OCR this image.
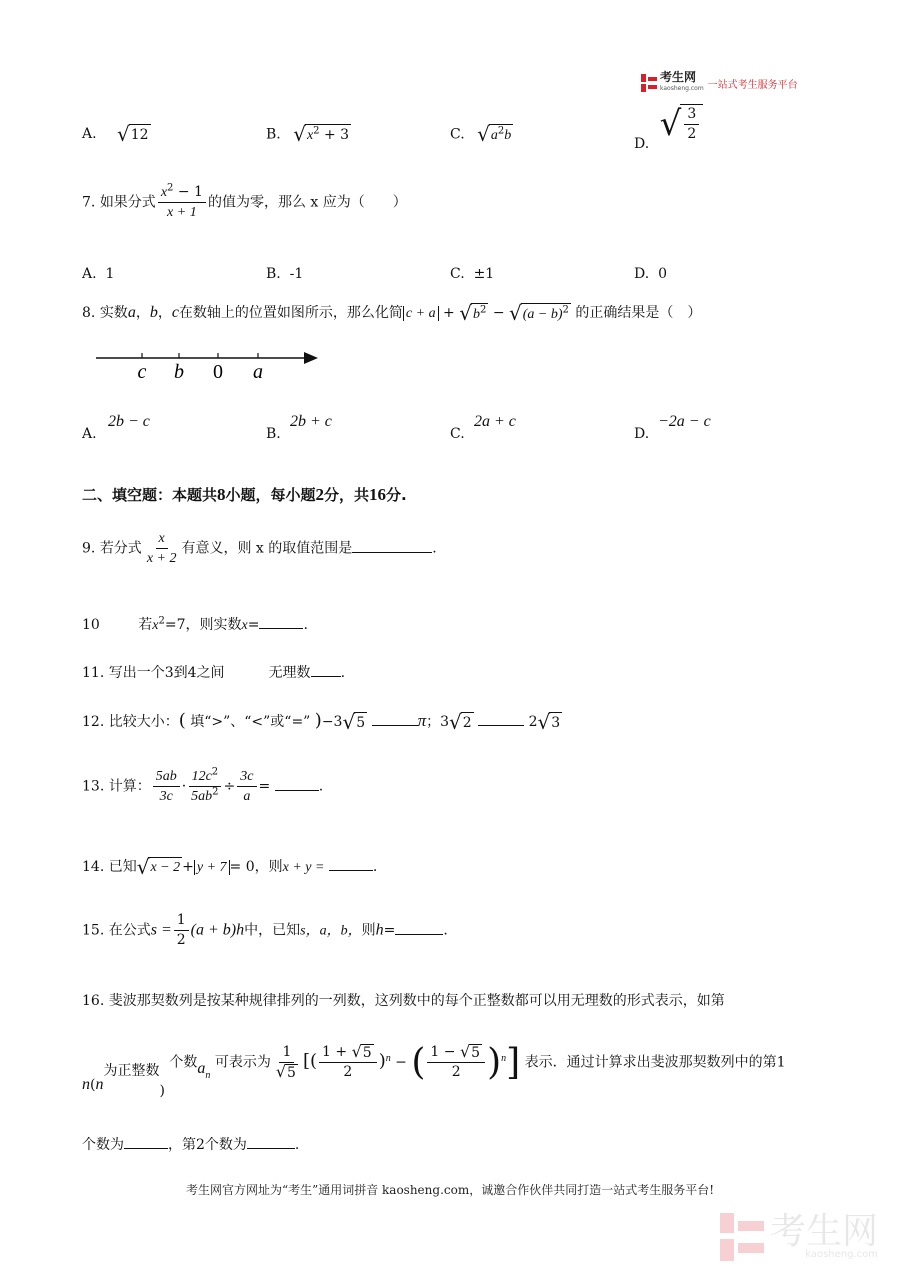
考生网
kaosheng.com 一站式考生服务平台
A. √ 12	B. √ $x^2 + 3$	C. √ $a^2b$
D. √ $\frac{3}{2}$
7. 如果分式 $\frac{x^2 - 1}{x + 1}$ 的值为零，那么 x 应为（　　）
A. 1	B. -1	C. ±1	D. 0
8. 实数a，b，c在数轴上的位置如图所示，那么化简 c + a + √ $b^2$ − √ $(a - b)^2$ 的正确结果是（　）
c b 0 a
A.
2b − c
B.
2b + c
C.
2a + c
D.
−2a − c
二、填空题：本题共8小题，每小题2分，共16分.
9. 若分式 $\frac{x}{x + 2}$ 有意义，则 x 的取值范围是	.
10	若$x^2=7$，则实数x=	.
11. 写出一个3到4之间	无理数 .
12. 比较大小：( 填“>”、“<”或“=” )−3 √ 5	π；3 √ 2	2 √ 3
13. 计算： $\frac{5ab}{3c} \cdot \frac{12c^2}{5ab^2} \div \frac{3c}{a}$ =	.
14. 已知 √ x − 2 + y + 7 = 0，则x + y =	.
15. 在公式$s = \frac{1}{2} (a + b)h$中，已知s，a，b，则h=	.
16. 斐波那契数列是按某种规律排列的一列数，这列数中的每个正整数都可以用无理数的形式表示，如第
n(n为正整数) 个数$a_n$ 可表示为 $\frac{1}{√ 5}$ [( $\frac{1 + √ 5}{2} )^n$ − ( $\frac{1 - √ 5}{2} )^n$] 表示．通过计算求出斐波那契数列中的第1
个数为	，第2个数为	.
考生网官方网址为“考生”通用词拼音 kaosheng.com，诚邀合作伙伴共同打造一站式考生服务平台!
考生网
kaosheng.com
